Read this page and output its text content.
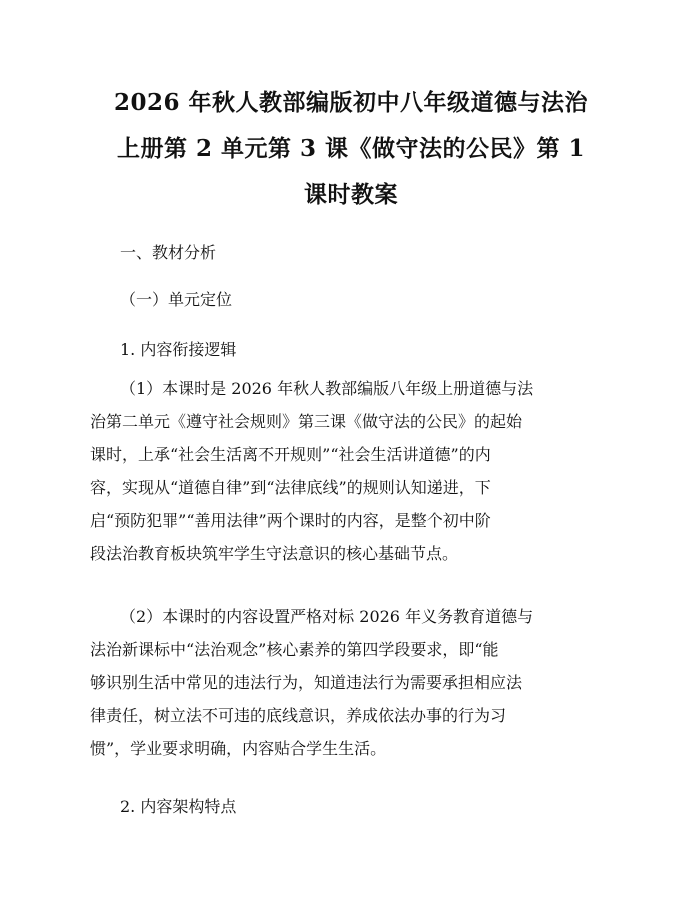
2026 年秋人教部编版初中八年级道德与法治
上册第 2 单元第 3 课《做守法的公民》第 1
课时教案
一、教材分析
（一）单元定位
1. 内容衔接逻辑
（1）本课时是 2026 年秋人教部编版八年级上册道德与法
治第二单元《遵守社会规则》第三课《做守法的公民》的起始
课时，上承“社会生活离不开规则”“社会生活讲道德”的内
容，实现从“道德自律”到“法律底线”的规则认知递进，下
启“预防犯罪”“善用法律”两个课时的内容，是整个初中阶
段法治教育板块筑牢学生守法意识的核心基础节点。
（2）本课时的内容设置严格对标 2026 年义务教育道德与
法治新课标中“法治观念”核心素养的第四学段要求，即“能
够识别生活中常见的违法行为，知道违法行为需要承担相应法
律责任，树立法不可违的底线意识，养成依法办事的行为习
惯”，学业要求明确，内容贴合学生生活。
2. 内容架构特点
